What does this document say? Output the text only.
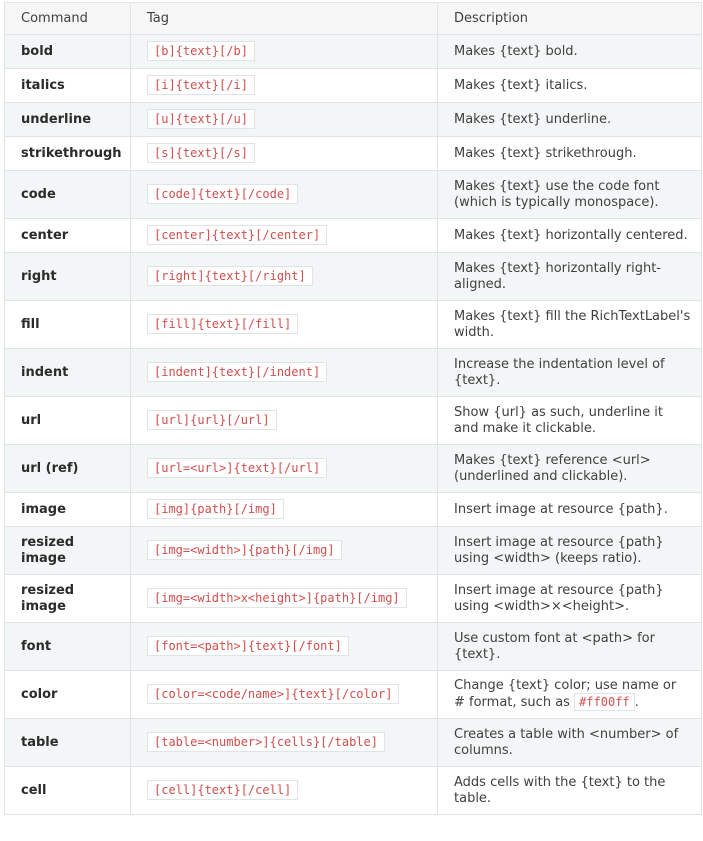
Command	Tag	Description
bold	[b]{text}[/b]	Makes {text} bold.
italics	[i]{text}[/i]	Makes {text} italics.
underline	[u]{text}[/u]	Makes {text} underline.
strikethrough	[s]{text}[/s]	Makes {text} strikethrough.
code	[code]{text}[/code]	Makes {text} use the code font (which is typically monospace).
center	[center]{text}[/center]	Makes {text} horizontally centered.
right	[right]{text}[/right]	Makes {text} horizontally right-aligned.
fill	[fill]{text}[/fill]	Makes {text} fill the RichTextLabel's width.
indent	[indent]{text}[/indent]	Increase the indentation level of {text}.
url	[url]{url}[/url]	Show {url} as such, underline it and make it clickable.
url (ref)	[url=<url>]{text}[/url]	Makes {text} reference <url> (underlined and clickable).
image	[img]{path}[/img]	Insert image at resource {path}.
resized image	[img=<width>]{path}[/img]	Insert image at resource {path} using <width> (keeps ratio).
resized image	[img=<width>x<height>]{path}[/img]	Insert image at resource {path} using <width>×<height>.
font	[font=<path>]{text}[/font]	Use custom font at <path> for {text}.
color	[color=<code/name>]{text}[/color]	Change {text} color; use name or # format, such as #ff00ff .
table	[table=<number>]{cells}[/table]	Creates a table with <number> of columns.
cell	[cell]{text}[/cell]	Adds cells with the {text} to the table.
